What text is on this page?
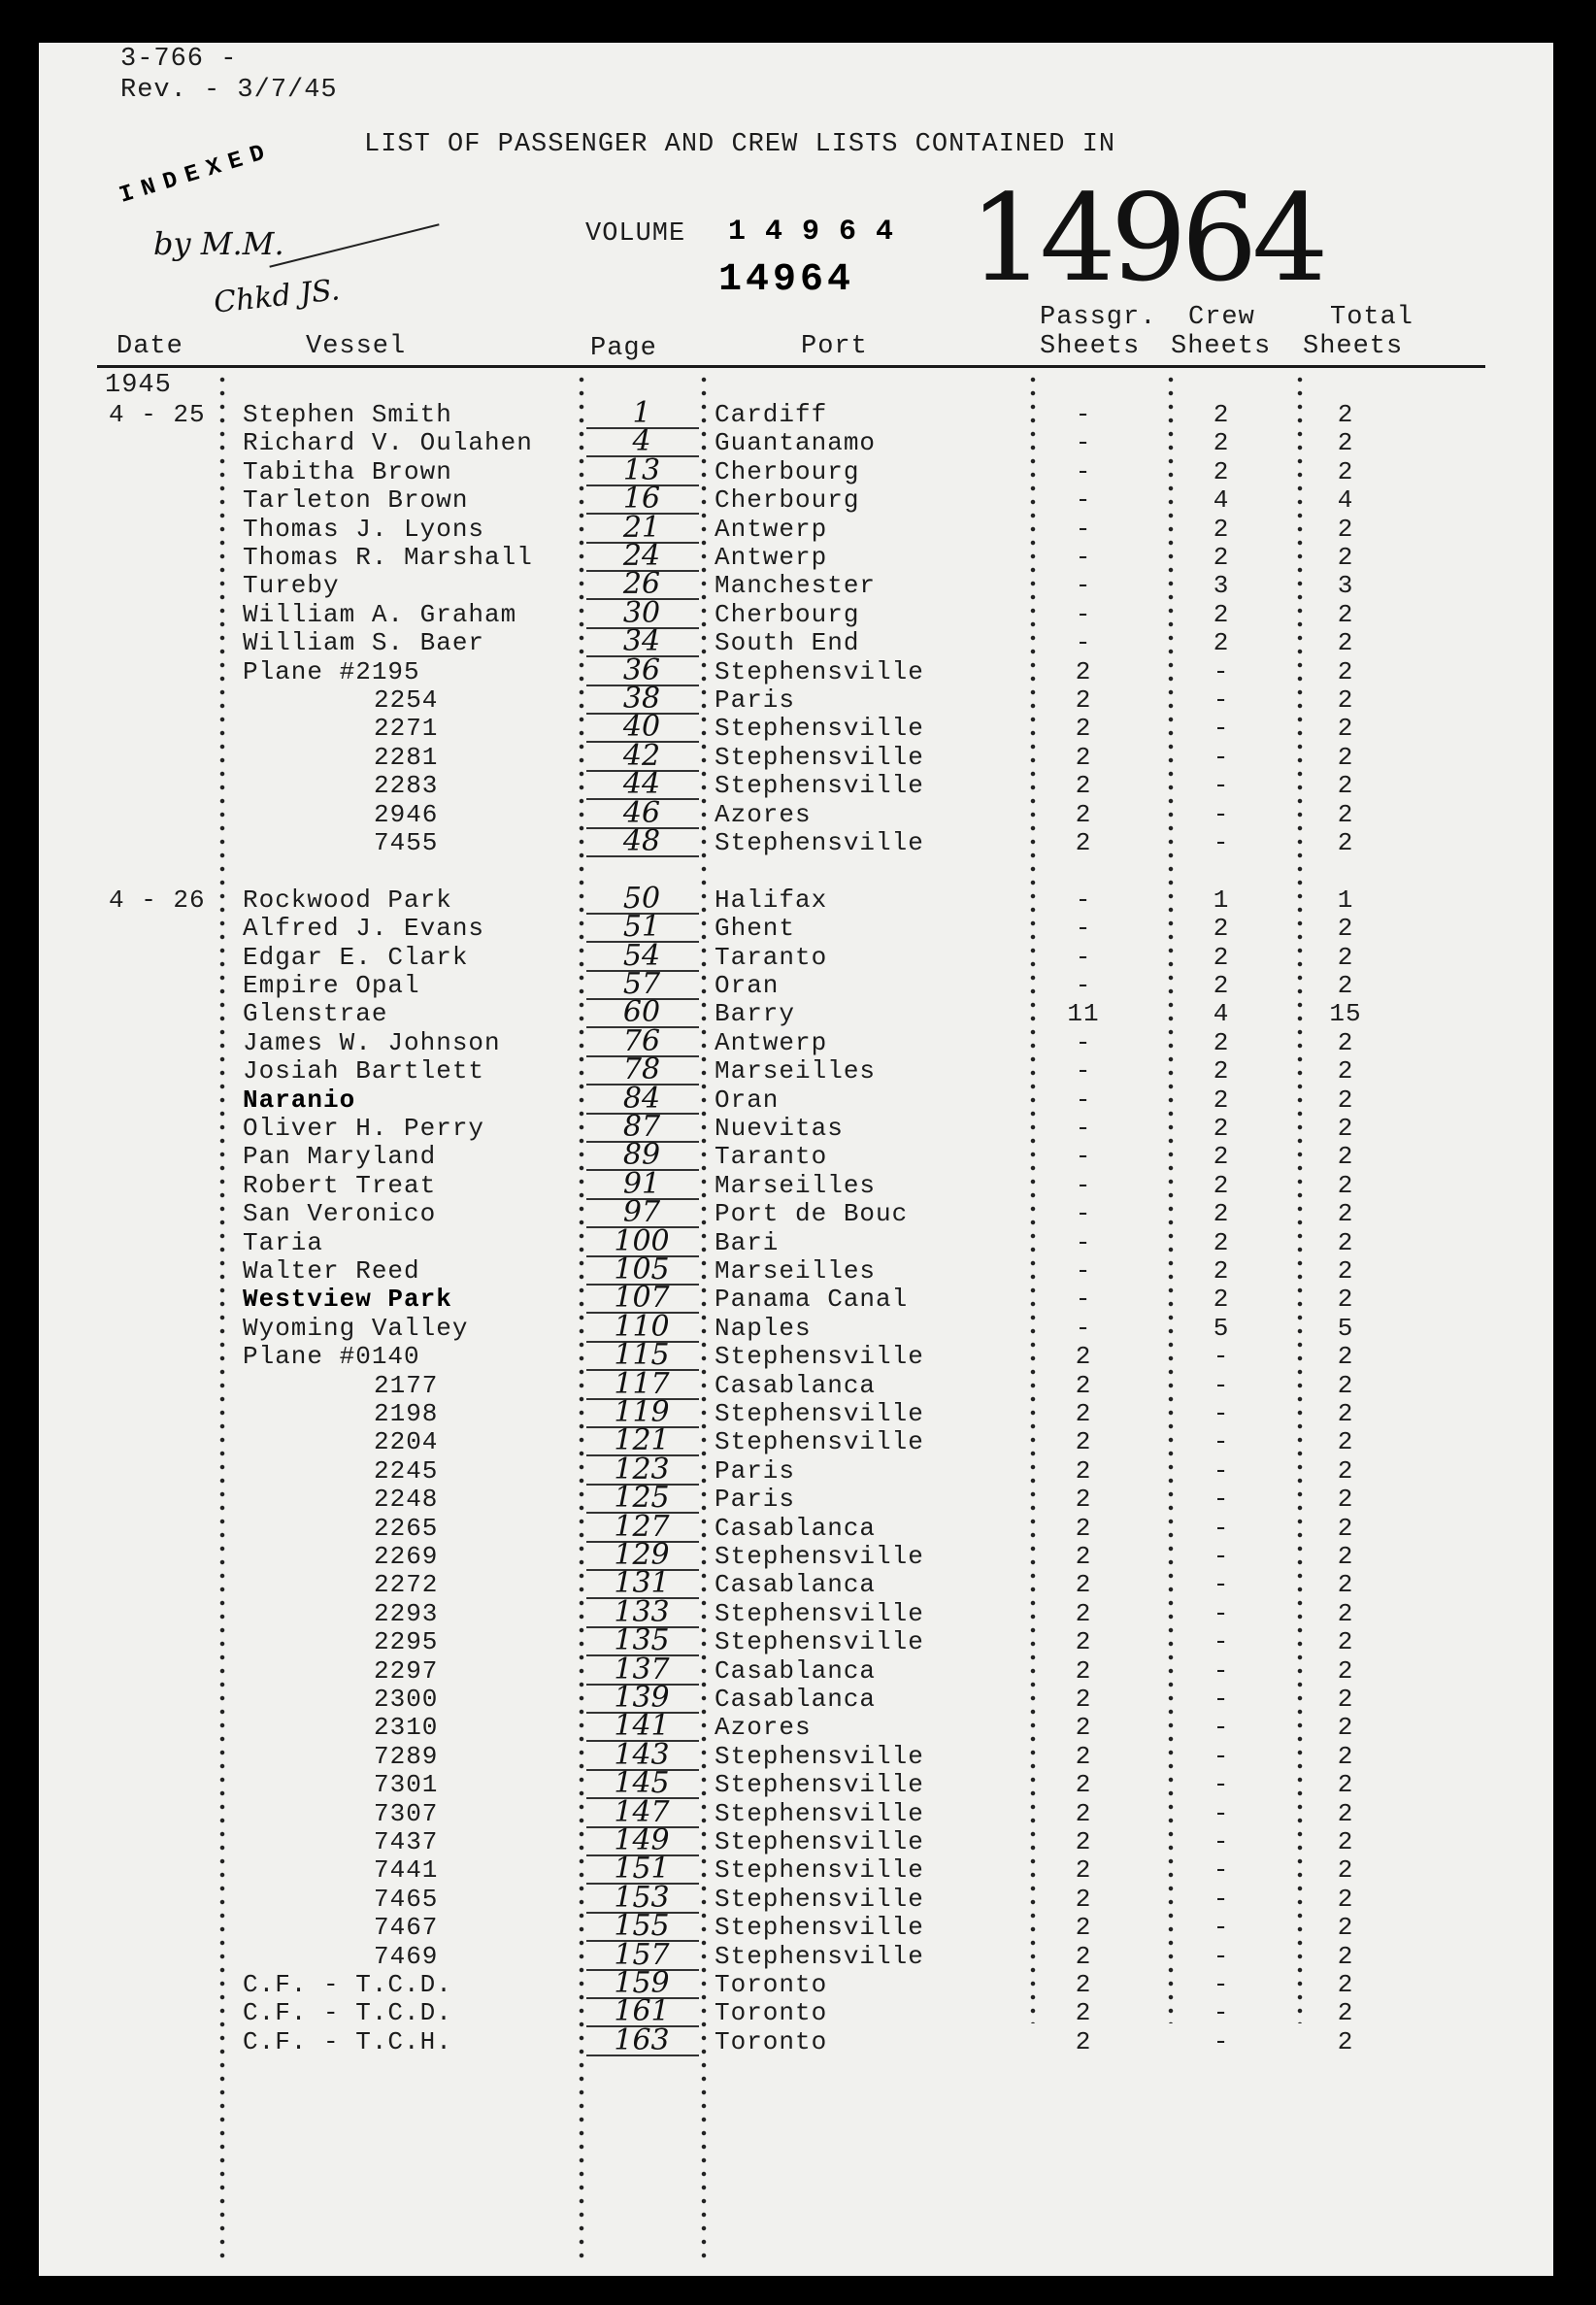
3-766 -
Rev. - 3/7/45
LIST OF PASSENGER AND CREW LISTS CONTAINED IN
INDEXED
by M.M.
Chkd JS.
VOLUME 1 4 9 6 4
14964 14964
Passgr.
Sheets
Crew
Sheets
Total
Sheets
Date	Vessel	Page	Port
1945
4 - 25 Stephen Smith	1	Cardiff	-	2	2
Richard V. Oulahen	4	Guantanamo	-	2	2
Tabitha Brown	13	Cherbourg	-	2	2
Tarleton Brown	16	Cherbourg	-	4	4
Thomas J. Lyons	21	Antwerp	-	2	2
Thomas R. Marshall	24	Antwerp	-	2	2
Tureby	26	Manchester	-	3	3
William A. Graham	30	Cherbourg	-	2	2
William S. Baer	34	South End	-	2	2
Plane #2195	36	Stephensville	2	-	2
2254	38	Paris	2	-	2
2271	40	Stephensville	2	-	2
2281	42	Stephensville	2	-	2
2283	44	Stephensville	2	-	2
2946	46	Azores	2	-	2
7455	48	Stephensville	2	-	2
4 - 26 Rockwood Park	50	Halifax	-	1	1
Alfred J. Evans	51	Ghent	-	2	2
Edgar E. Clark	54	Taranto	-	2	2
Empire Opal	57	Oran	-	2	2
Glenstrae	60	Barry	11	4	15
James W. Johnson	76	Antwerp	-	2	2
Josiah Bartlett	78	Marseilles	-	2	2
Naranio	84	Oran	-	2	2
Oliver H. Perry	87	Nuevitas	-	2	2
Pan Maryland	89	Taranto	-	2	2
Robert Treat	91	Marseilles	-	2	2
San Veronico	97	Port de Bouc	-	2	2
Taria	100	Bari	-	2	2
Walter Reed	105	Marseilles	-	2	2
Westview Park	107	Panama Canal	-	2	2
Wyoming Valley	110	Naples	-	5	5
Plane #0140	115	Stephensville	2	-	2
2177	117	Casablanca	2	-	2
2198	119	Stephensville	2	-	2
2204	121	Stephensville	2	-	2
2245	123	Paris	2	-	2
2248	125	Paris	2	-	2
2265	127	Casablanca	2	-	2
2269	129	Stephensville	2	-	2
2272	131	Casablanca	2	-	2
2293	133	Stephensville	2	-	2
2295	135	Stephensville	2	-	2
2297	137	Casablanca	2	-	2
2300	139	Casablanca	2	-	2
2310	141	Azores	2	-	2
7289	143	Stephensville	2	-	2
7301	145	Stephensville	2	-	2
7307	147	Stephensville	2	-	2
7437	149	Stephensville	2	-	2
7441	151	Stephensville	2	-	2
7465	153	Stephensville	2	-	2
7467	155	Stephensville	2	-	2
7469	157	Stephensville	2	-	2
C.F. - T.C.D.	159	Toronto	2	-	2
C.F. - T.C.D.	161	Toronto	2	-	2
C.F. - T.C.H.	163	Toronto	2	-	2
